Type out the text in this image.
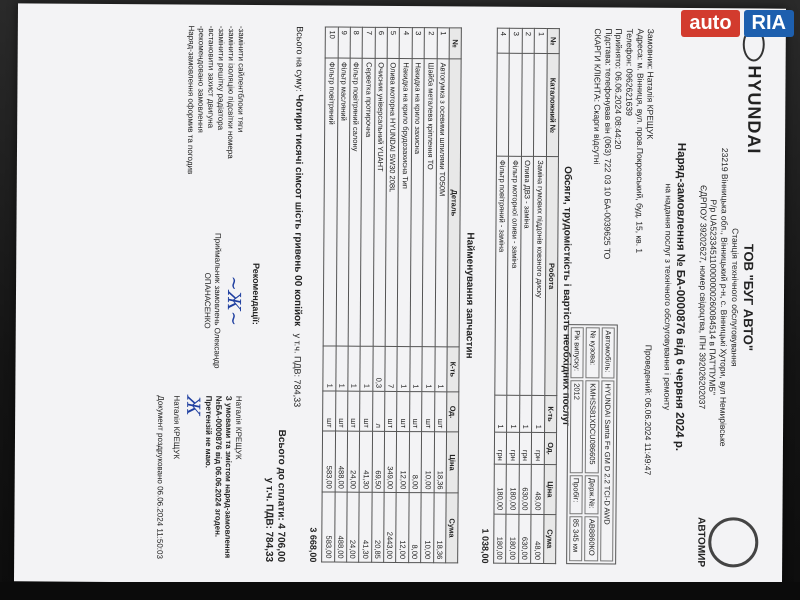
HYUNDAI
АВТОМИР
ТОВ "БУГ АВТО"
Станція технічного обслуговування
23219 Вінницька обл., Вінницький р-н, с. Вінницькі Хутори, вул Немирівське
Р/р UA523345110000000260084514 в ПАТ"ПУМБ"
ЄДРПОУ 39202627, номер свідоцтва, ІПН 392026202037
Наряд-замовлення № БА-0000876 від 6 червня 2024 р.
на надання послуг з технічного обслуговування і ремонту
Замовник: Наталія КРЕЩУК
Адреса: м. Вінниця, вул. пров.Покровський, буд. 15, кв. 1
Телефон: 0962621639
Прийнято: 06.06.2024 08:44:20
Підстава: телефонував він (063) 722 03 10 БА-0039625 ТО
СКАРГИ КЛІЄНТА: Скарги відсутні
Проведений: 06.06.2024 11:49:47
Автомобіль:	HYUNDAI Santa Fe GM D 2.2 TCI-D AWD		
№ кузова:	KMHSS81XDCU086605	Держ.№:	АВ8860КО
Рік випуску:	2012	Пробіг:	85 345 км
Обсяги, трудомісткість і вартість необхідних послуг
№	Каталожний №	Робота	К-ть	Од.	Ціна	Сума
1		Заміна гумових піддонів ковзного диску	1	грн	48,00	48,00
2		Оливa ДВЗ - заміна	1	грн	630,00	630,00
3		Фільтр моторної оливи - заміна	1	грн	180,00	180,00
4		Фільтр повітряний - заміна	1	грн	180,00	180,00
1 038,00
Найменування запчастин
№	Деталь	К-ть	Од.	Ціна	Сума
1	Автогумка з осевими шпилями ТО50М	1	шт	18,36	18,36
2	Шайба металева кріплення ТО	1	шт	10,00	10,00
3	Накидка на крило захисна	1	шт	8,00	8,00
4	Накидка на крило брудозахисна Тип	1	шт	12,00	12,00
5	Олива моторна HYUNDAI 5W30 208L	7	шт	349,00	2443,00
6	Очисник універсальний YUAHT	0,3	л	69,50	20,85
7	Серветка протирочна	1	шт	41,30	41,30
8	Фільтр повітряний салону	1	шт	24,00	24,00
9	Фільтр масляний	1	шт	488,00	488,00
10	Фільтр повітряний	1	шт	583,00	583,00
3 668,00
Всього на суму: Чотири тисячі сімсот шість гривень 00 копійок   у т.ч. ПДВ: 784,33
Всього до сплати: 4 706,00
у т.ч. ПДВ: 784,33
Рекомендації:
-замінити сайлентблоки тяги
-замінити ізоляцію підсвітки номера
-замінити решітку радіатора
-встановити захист двигуна
-рекомендовано замовлення
Наряд-замовлення оформив та погодив
~Ж~
Приймальник замовлень Олександр
ОПАНАСЕНКО
Наталія КРЕЩУК
З умовами та змістом наряд-замовлення №БА-0000876 від 06.06.2024 згоден. Претензій не маю.
Ж
Наталія КРЕЩУК
Документ роздруковано 06.06.2024 11:50:03
auto	RIA
